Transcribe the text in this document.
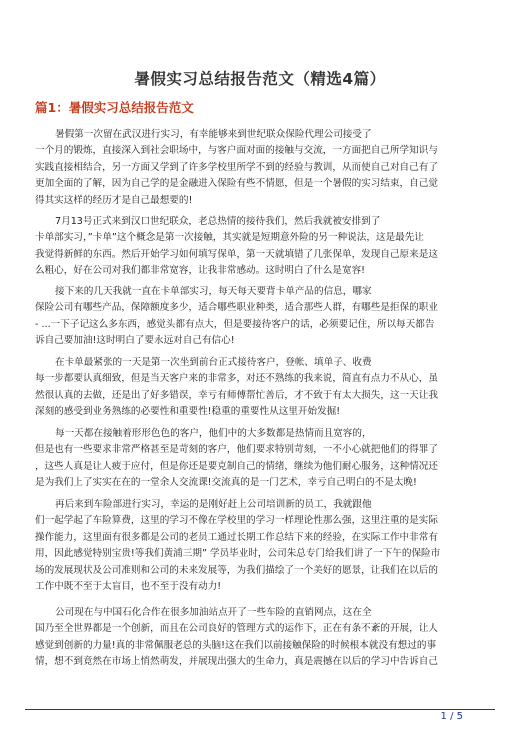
暑假实习总结报告范文（精选4篇）
篇1：暑假实习总结报告范文
暑假第一次留在武汉进行实习，有幸能够来到世纪联众保险代理公司接受了
一个月的锻炼，直接深入到社会职场中，与客户面对面的接触与交流，一方面把自己所学知识与
实践直接相结合，另一方面又学到了许多学校里所学不到的经验与教训，从而使自己对自己有了
更加全面的了解，因为自己学的是金融进入保险有些不情愿，但是一个暑假的实习结束，自己觉
得其实这样的经历才是自己最想要的!
7月13号正式来到汉口世纪联众，老总热情的接待我们，然后我就被安排到了
卡单部实习，”卡单”这个概念是第一次接触，其实就是短期意外险的另一种说法，这是最先让
我觉得新鲜的东西。然后开始学习如何填写保单，第一天就填错了几张保单，发现自己原来是这
么粗心，好在公司对我们都非常宽容，让我非常感动。这时明白了什么是宽容!
接下来的几天我就一直在卡单部实习，每天每天要背卡单产品的信息，哪家
保险公司有哪些产品，保障额度多少，适合哪些职业种类，适合那些人群，有哪些是拒保的职业
- ...一下子记这么多东西，感觉头都有点大，但是要接待客户的话，必须要记住，所以每天都告
诉自己要加油!这时明白了要永远对自己有信心!
在卡单最紧张的一天是第一次坐到前台正式接待客户，登帐、填单子、收费
每一步都要认真细致，但是当天客户来的非常多，对还不熟练的我来说，简直有点力不从心，虽
然很认真的去做，还是出了好多错误，幸亏有师傅帮忙善后，才不致于有太大损失，这一天让我
深刻的感受到业务熟练的必要性和重要性!稳重的重要性从这里开始发掘!
每一天都在接触着形形色色的客户，他们中的大多数都是热情而且宽容的，
但是也有一些要求非常严格甚至是苛刻的客户，他们要求特别苛刻，一不小心就把他们的得罪了
，这些人真是让人疲于应付，但是你还是要克制自己的情绪，继续为他们耐心服务，这种情况还
是为我们上了实实在在的一堂余人交流课!交流真的是一门艺术，幸亏自己明白的不是太晚!
再后来到车险部进行实习，幸运的是刚好赶上公司培训新的员工，我就跟他
们一起学起了车险算费，这里的学习不像在学校里的学习一样理论性那么强，这里注重的是实际
操作能力，这里面有很多都是公司的老员工通过长期工作总结下来的经验，在实际工作中非常有
用，因此感觉特别宝贵!等我们黄浦三期” 学员毕业时，公司朱总专门给我们讲了一下午的保险市
场的发展现状及公司准则和公司的未来发展等，为我们描绘了一个美好的愿景，让我们在以后的
工作中既不至于太盲目，也不至于没有动力!
公司现在与中国石化合作在很多加油站点开了一些车险的直销网点，这在全
国乃至全世界都是一个创新，而且在公司良好的管理方式的运作下，正在有条不紊的开展，让人
感觉到创新的力量!真的非常佩服老总的头脑!这在我们以前接触保险的时候根本就没有想过的事
情，想不到竟然在市场上悄然萌发，并展现出强大的生命力，真是震撼在以后的学习中告诉自己
1 / 5
